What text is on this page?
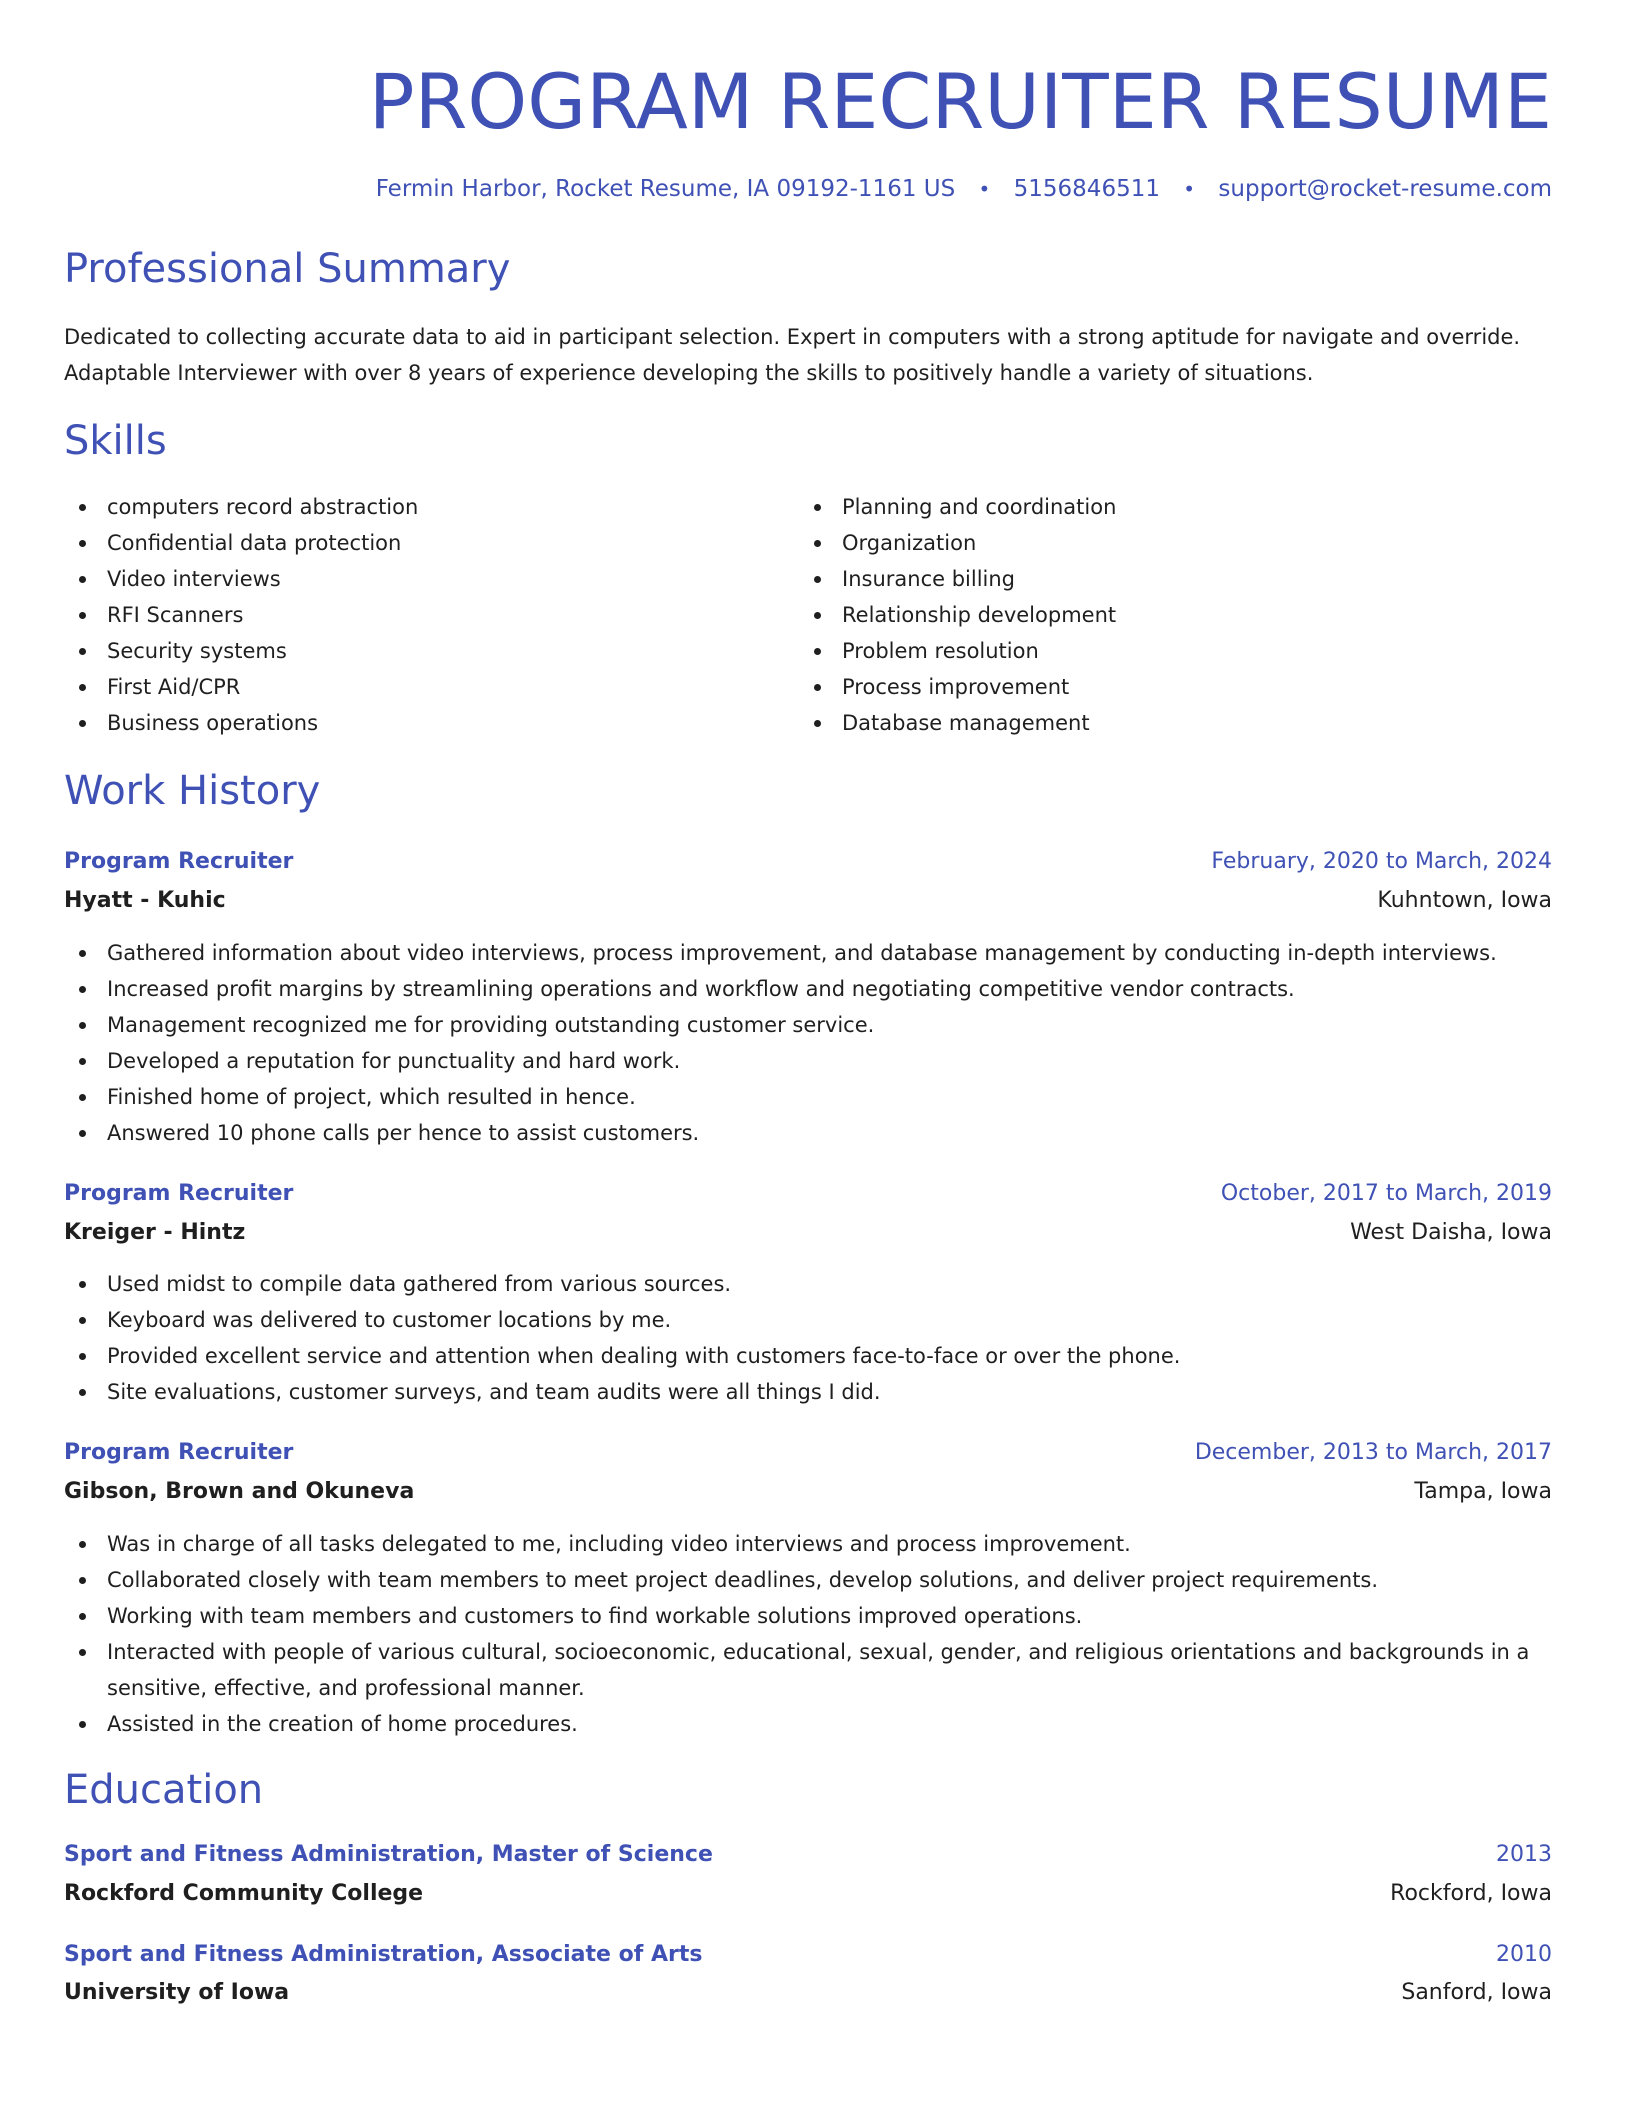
PROGRAM RECRUITER RESUME
Fermin Harbor, Rocket Resume, IA 09192-1161 US • 5156846511 • support@rocket-resume.com
Professional Summary

Dedicated to collecting accurate data to aid in participant selection. Expert in computers with a strong aptitude for navigate and override. Adaptable Interviewer with over 8 years of experience developing the skills to positively handle a variety of situations.

Skills
computers record abstraction
Confidential data protection
Video interviews
RFI Scanners
Security systems
First Aid/CPR
Business operations
Planning and coordination
Organization
Insurance billing
Relationship development
Problem resolution
Process improvement
Database management
Work History
Program Recruiter	February, 2020 to March, 2024
Hyatt - Kuhic	Kuhntown, Iowa
Gathered information about video interviews, process improvement, and database management by conducting in-depth interviews.
Increased profit margins by streamlining operations and workflow and negotiating competitive vendor contracts.
Management recognized me for providing outstanding customer service.
Developed a reputation for punctuality and hard work.
Finished home of project, which resulted in hence.
Answered 10 phone calls per hence to assist customers.
Program Recruiter	October, 2017 to March, 2019
Kreiger - Hintz	West Daisha, Iowa
Used midst to compile data gathered from various sources.
Keyboard was delivered to customer locations by me.
Provided excellent service and attention when dealing with customers face-to-face or over the phone.
Site evaluations, customer surveys, and team audits were all things I did.
Program Recruiter	December, 2013 to March, 2017
Gibson, Brown and Okuneva	Tampa, Iowa
Was in charge of all tasks delegated to me, including video interviews and process improvement.
Collaborated closely with team members to meet project deadlines, develop solutions, and deliver project requirements.
Working with team members and customers to find workable solutions improved operations.
Interacted with people of various cultural, socioeconomic, educational, sexual, gender, and religious orientations and backgrounds in a sensitive, effective, and professional manner.
Assisted in the creation of home procedures.
Education
Sport and Fitness Administration, Master of Science	2013
Rockford Community College	Rockford, Iowa
Sport and Fitness Administration, Associate of Arts	2010
University of Iowa	Sanford, Iowa
